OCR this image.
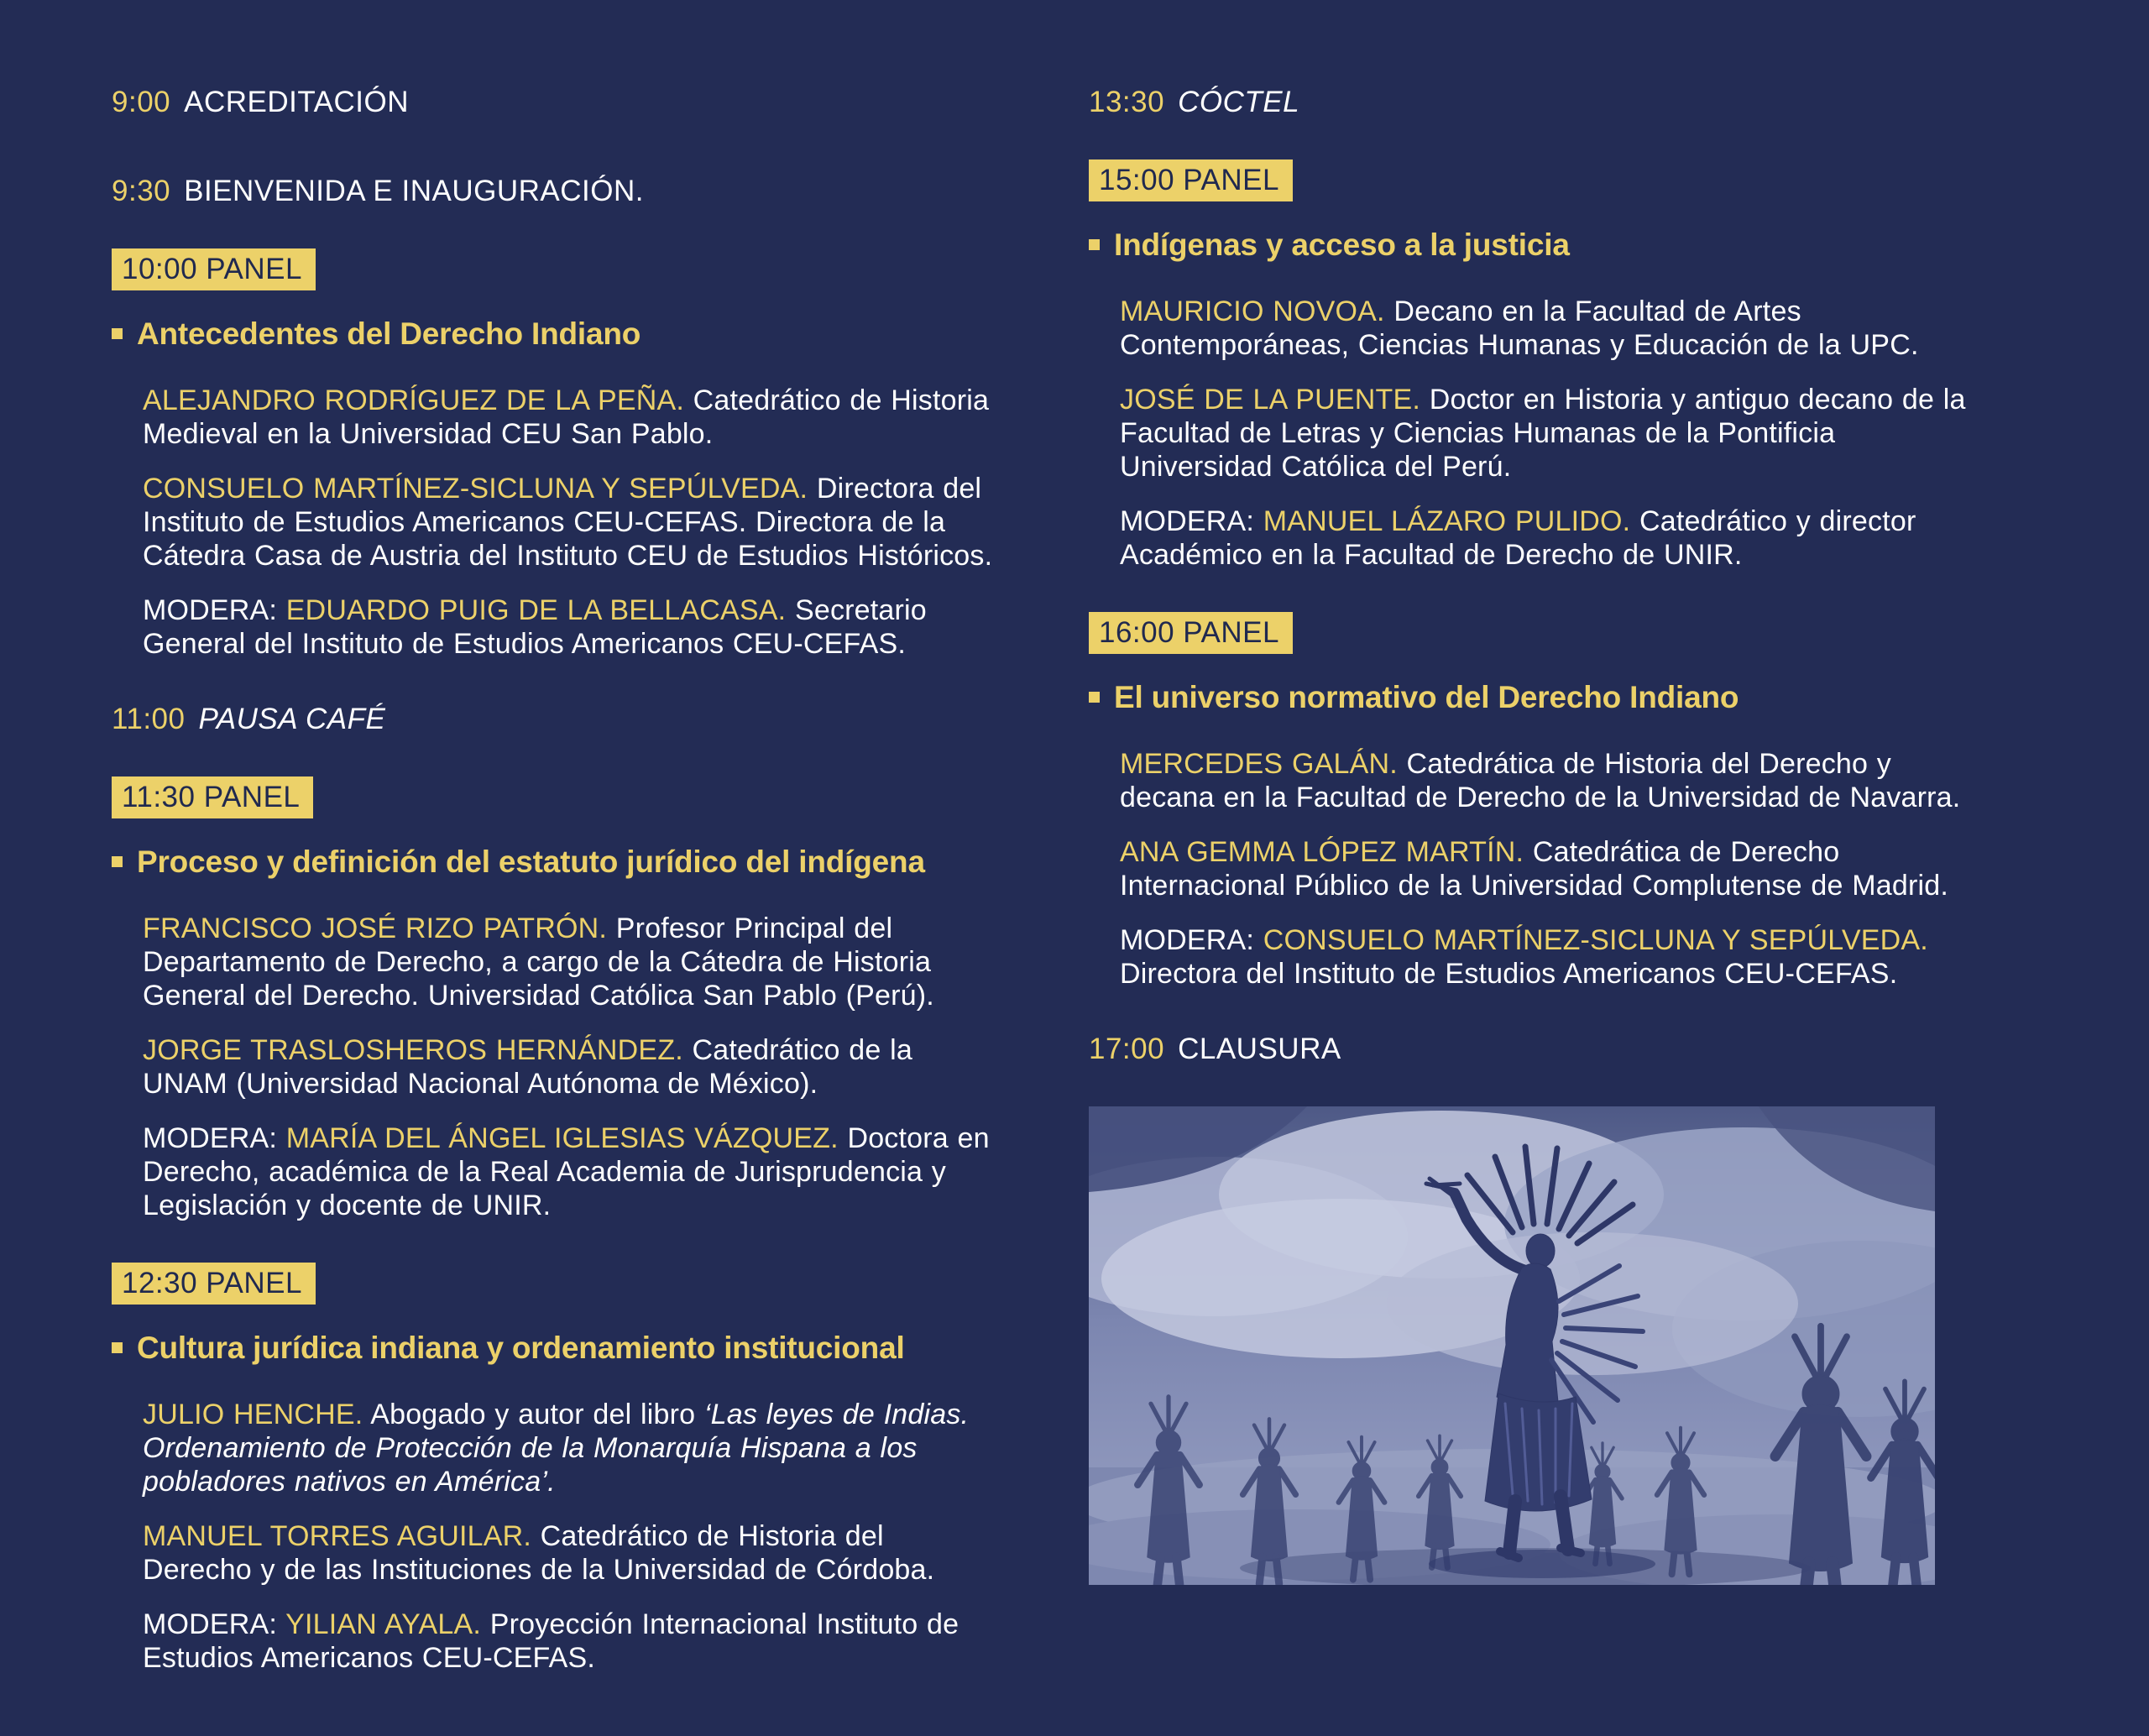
9:00 ACREDITACIÓN
9:30 BIENVENIDA E INAUGURACIÓN.
10:00 PANEL
Antecedentes del Derecho Indiano

ALEJANDRO RODRÍGUEZ DE LA PEÑA. Catedrático de Historia Medieval en la Universidad CEU San Pablo.

CONSUELO MARTÍNEZ-SICLUNA Y SEPÚLVEDA. Directora del Instituto de Estudios Americanos CEU-CEFAS. Directora de la Cátedra Casa de Austria del Instituto CEU de Estudios Históricos.

MODERA: EDUARDO PUIG DE LA BELLACASA. Secretario General del Instituto de Estudios Americanos CEU-CEFAS.

11:00 PAUSA CAFÉ
11:30 PANEL
Proceso y definición del estatuto jurídico del indígena

FRANCISCO JOSÉ RIZO PATRÓN. Profesor Principal del Departamento de Derecho, a cargo de la Cátedra de Historia General del Derecho. Universidad Católica San Pablo (Perú).

JORGE TRASLOSHEROS HERNÁNDEZ. Catedrático de la UNAM (Universidad Nacional Autónoma de México).

MODERA: MARÍA DEL ÁNGEL IGLESIAS VÁZQUEZ. Doctora en Derecho, académica de la Real Academia de Jurisprudencia y Legislación y docente de UNIR.

12:30 PANEL
Cultura jurídica indiana y ordenamiento institucional

JULIO HENCHE. Abogado y autor del libro ‘Las leyes de Indias. Ordenamiento de Protección de la Monarquía Hispana a los pobladores nativos en América’.

MANUEL TORRES AGUILAR. Catedrático de Historia del Derecho y de las Instituciones de la Universidad de Córdoba.

MODERA: YILIAN AYALA. Proyección Internacional Instituto de Estudios Americanos CEU-CEFAS.

13:30 CÓCTEL
15:00 PANEL
Indígenas y acceso a la justicia

MAURICIO NOVOA. Decano en la Facultad de Artes Contemporáneas, Ciencias Humanas y Educación de la UPC.

JOSÉ DE LA PUENTE. Doctor en Historia y antiguo decano de la Facultad de Letras y Ciencias Humanas de la Pontificia Universidad Católica del Perú.

MODERA: MANUEL LÁZARO PULIDO. Catedrático y director Académico en la Facultad de Derecho de UNIR.

16:00 PANEL
El universo normativo del Derecho Indiano

MERCEDES GALÁN. Catedrática de Historia del Derecho y decana en la Facultad de Derecho de la Universidad de Navarra.

ANA GEMMA LÓPEZ MARTÍN. Catedrática de Derecho Internacional Público de la Universidad Complutense de Madrid.

MODERA: CONSUELO MARTÍNEZ-SICLUNA Y SEPÚLVEDA. Directora del Instituto de Estudios Americanos CEU-CEFAS.

17:00 CLAUSURA
